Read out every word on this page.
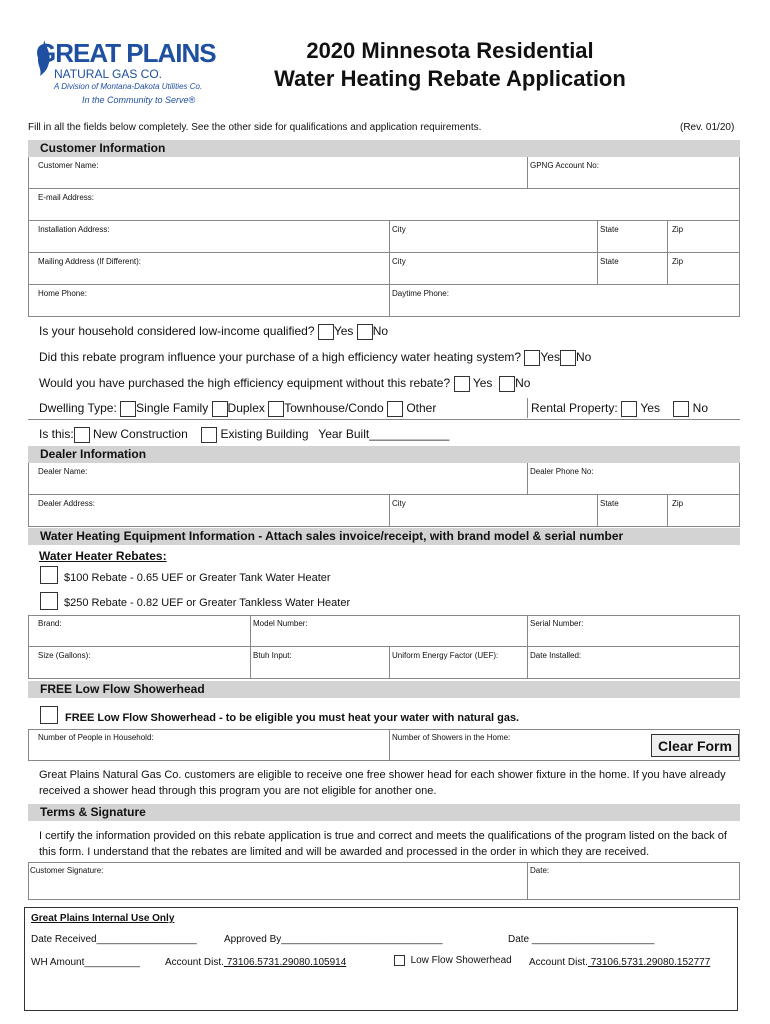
GREAT PLAINS
NATURAL GAS CO.
A Division of Montana-Dakota Utilities Co.
In the Community to Serve®
2020 Minnesota Residential
Water Heating Rebate Application
Fill in all the fields below completely. See the other side for qualifications and application requirements.	(Rev. 01/20)
Customer Information
Customer Name:	GPNG Account No:
E-mail Address:
Installation Address:	City	State	Zip
Mailing Address (If Different):	City	State	Zip
Home Phone:	Daytime Phone:
Is your household considered low-income qualified? Yes No
Did this rebate program influence your purchase of a high efficiency water heating system? Yes No
Would you have purchased the high efficiency equipment without this rebate? Yes No
Dwelling Type: Single Family Duplex Townhouse/Condo Other	Rental Property: Yes	No
Is this: New Construction	Existing Building Year Built____________
Dealer Information
Dealer Name:	Dealer Phone No:
Dealer Address:	City	State	Zip
Water Heating Equipment Information - Attach sales invoice/receipt, with brand model & serial number
Water Heater Rebates:
$100 Rebate - 0.65 UEF or Greater Tank Water Heater
$250 Rebate - 0.82 UEF or Greater Tankless Water Heater
Brand:	Model Number:	Serial Number:
Size (Gallons):	Btuh Input:	Uniform Energy Factor (UEF):	Date Installed:
FREE Low Flow Showerhead
FREE Low Flow Showerhead - to be eligible you must heat your water with natural gas.
Number of People in Household:	Number of Showers in the Home:
Clear Form
Great Plains Natural Gas Co. customers are eligible to receive one free shower head for each shower fixture in the home. If you have already received a shower head through this program you are not eligible for another one.
Terms & Signature
I certify the information provided on this rebate application is true and correct and meets the qualifications of the program listed on the back of this form. I understand that the rebates are limited and will be awarded and processed in the order in which they are received.
Customer Signature:	Date:
Great Plains Internal Use Only
Date Received__________________	Approved By_____________________________	Date ______________________
WH Amount__________	Account Dist. 73106.5731.29080.105914	Low Flow Showerhead Account Dist. 73106.5731.29080.152777
